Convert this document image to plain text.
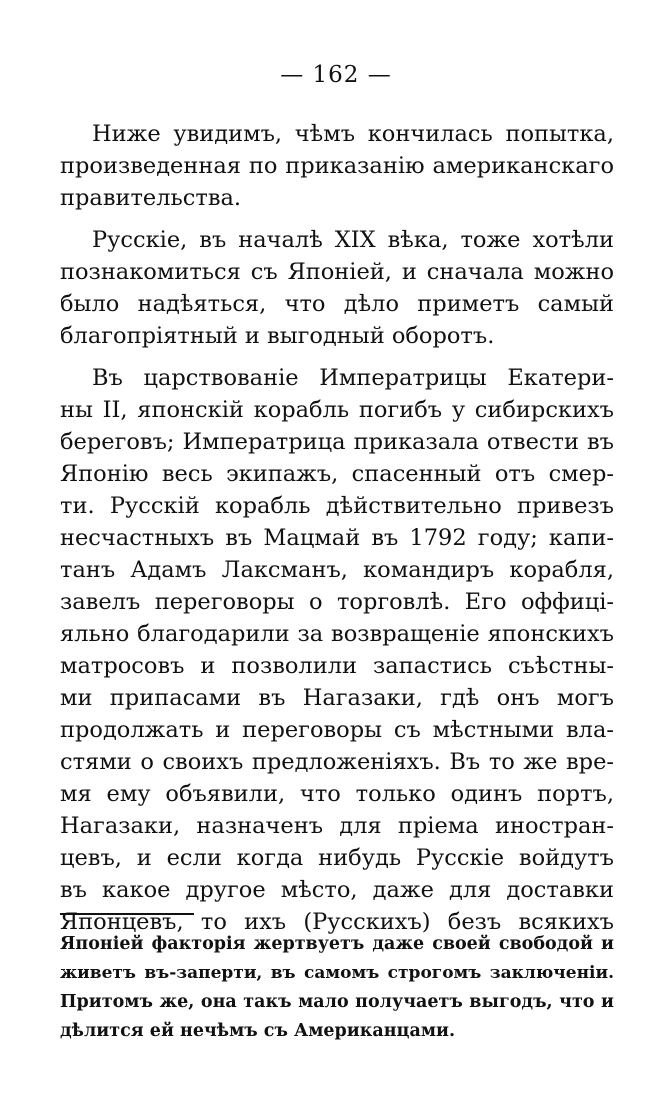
— 162 —
Ниже увидимъ, чѣмъ кончилась попытка,
произведенная по приказанію американскаго
правительства.
Русскіе, въ началѣ XIX вѣка, тоже хотѣли
познакомиться съ Японіей, и сначала можно
было надѣяться, что дѣло приметъ самый
благопріятный и выгодный оборотъ.
Въ царствованіе Императрицы Екатери-
ны II, японскій корабль погибъ у сибирскихъ
береговъ; Императрица приказала отвести въ
Японію весь экипажъ, спасенный отъ смер-
ти. Русскій корабль дѣйствительно привезъ
несчастныхъ въ Мацмай въ 1792 году; капи-
танъ Адамъ Лаксманъ, командиръ корабля,
завелъ переговоры о торговлѣ. Его оффиці-
яльно благодарили за возвращеніе японскихъ
матросовъ и позволили запастись съѣстны-
ми припасами въ Нагазаки, гдѣ онъ могъ
продолжать и переговоры съ мѣстными вла-
стями о своихъ предложеніяхъ. Въ то же вре-
мя ему объявили, что только одинъ портъ,
Нагазаки, назначенъ для пріема иностран-
цевъ, и если когда нибудь Русскіе войдутъ
въ какое другое мѣсто, даже для доставки
Японцевъ, то ихъ (Русскихъ) безъ всякихъ
Японіей факторія жертвуетъ даже своей свободой и
живетъ въ-заперти, въ самомъ строгомъ заключеніи.
Притомъ же, она такъ мало получаетъ выгодъ, что и
дѣлится ей нечѣмъ съ Американцами.
